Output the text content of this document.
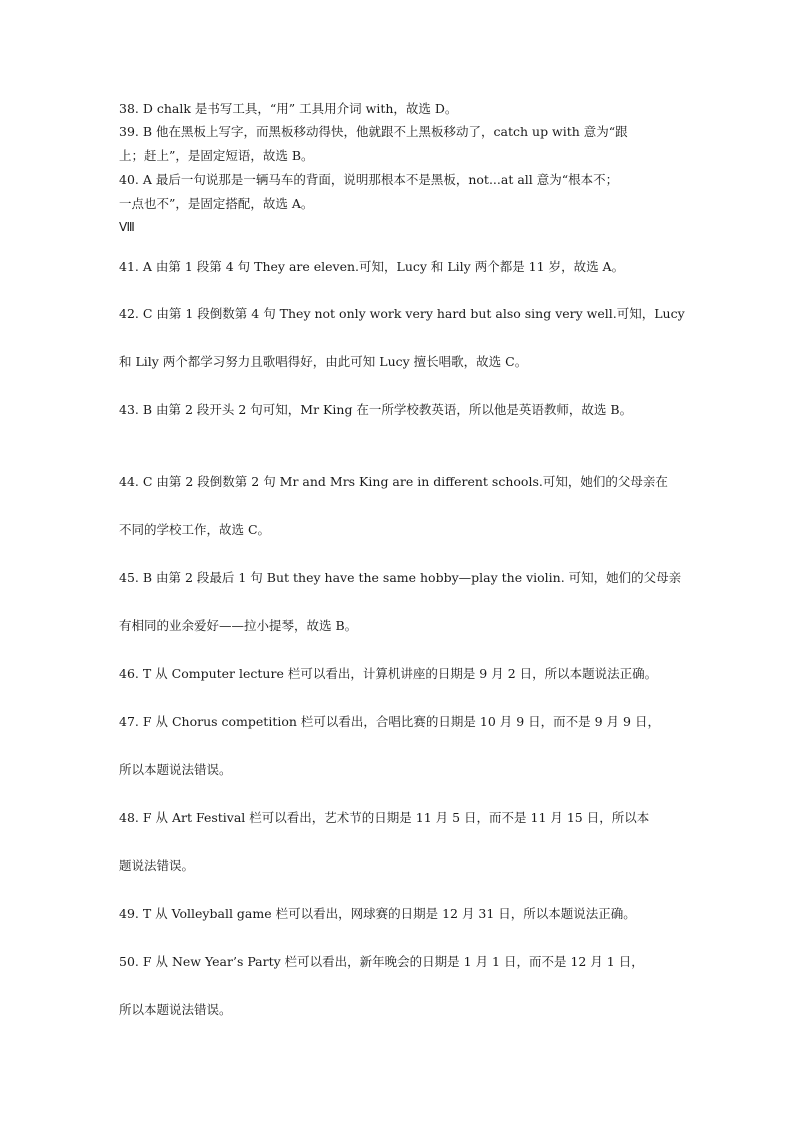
38. D chalk 是书写工具，“用” 工具用介词 with，故选 D。
39. B 他在黑板上写字，而黑板移动得快，他就跟不上黑板移动了，catch up with 意为“跟
上；赶上”，是固定短语，故选 B。
40. A 最后一句说那是一辆马车的背面，说明那根本不是黑板，not...at all 意为“根本不；
一点也不”，是固定搭配，故选 A。
Ⅷ
41. A 由第 1 段第 4 句 They are eleven.可知，Lucy 和 Lily 两个都是 11 岁，故选 A。
42. C 由第 1 段倒数第 4 句 They not only work very hard but also sing very well.可知，Lucy
和 Lily 两个都学习努力且歌唱得好，由此可知 Lucy 擅长唱歌，故选 C。
43. B 由第 2 段开头 2 句可知，Mr King 在一所学校教英语，所以他是英语教师，故选 B。
44. C 由第 2 段倒数第 2 句 Mr and Mrs King are in different schools.可知，她们的父母亲在
不同的学校工作，故选 C。
45. B 由第 2 段最后 1 句 But they have the same hobby—play the violin. 可知，她们的父母亲
有相同的业余爱好——拉小提琴，故选 B。
46. T 从 Computer lecture 栏可以看出，计算机讲座的日期是 9 月 2 日，所以本题说法正确。
47. F 从 Chorus competition 栏可以看出，合唱比赛的日期是 10 月 9 日，而不是 9 月 9 日，
所以本题说法错误。
48. F 从 Art Festival 栏可以看出，艺术节的日期是 11 月 5 日，而不是 11 月 15 日，所以本
题说法错误。
49. T 从 Volleyball game 栏可以看出，网球赛的日期是 12 月 31 日，所以本题说法正确。
50. F 从 New Year’s Party 栏可以看出，新年晚会的日期是 1 月 1 日，而不是 12 月 1 日，
所以本题说法错误。
